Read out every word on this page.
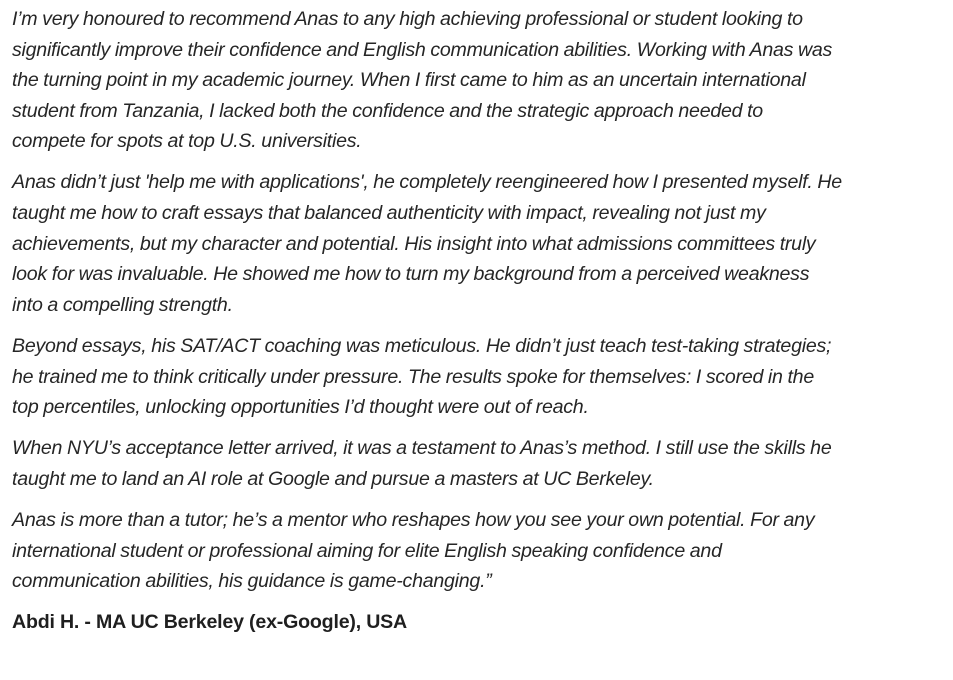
I’m very honoured to recommend Anas to any high achieving professional or student looking to
significantly improve their confidence and English communication abilities. Working with Anas was
the turning point in my academic journey. When I first came to him as an uncertain international
student from Tanzania, I lacked both the confidence and the strategic approach needed to
compete for spots at top U.S. universities.

Anas didn’t just 'help me with applications', he completely reengineered how I presented myself. He
taught me how to craft essays that balanced authenticity with impact, revealing not just my
achievements, but my character and potential. His insight into what admissions committees truly
look for was invaluable. He showed me how to turn my background from a perceived weakness
into a compelling strength.

Beyond essays, his SAT/ACT coaching was meticulous. He didn’t just teach test-taking strategies;
he trained me to think critically under pressure. The results spoke for themselves: I scored in the
top percentiles, unlocking opportunities I’d thought were out of reach.

When NYU’s acceptance letter arrived, it was a testament to Anas’s method. I still use the skills he
taught me to land an AI role at Google and pursue a masters at UC Berkeley.

Anas is more than a tutor; he’s a mentor who reshapes how you see your own potential. For any
international student or professional aiming for elite English speaking confidence and
communication abilities, his guidance is game-changing.”

Abdi H. - MA UC Berkeley (ex-Google), USA
